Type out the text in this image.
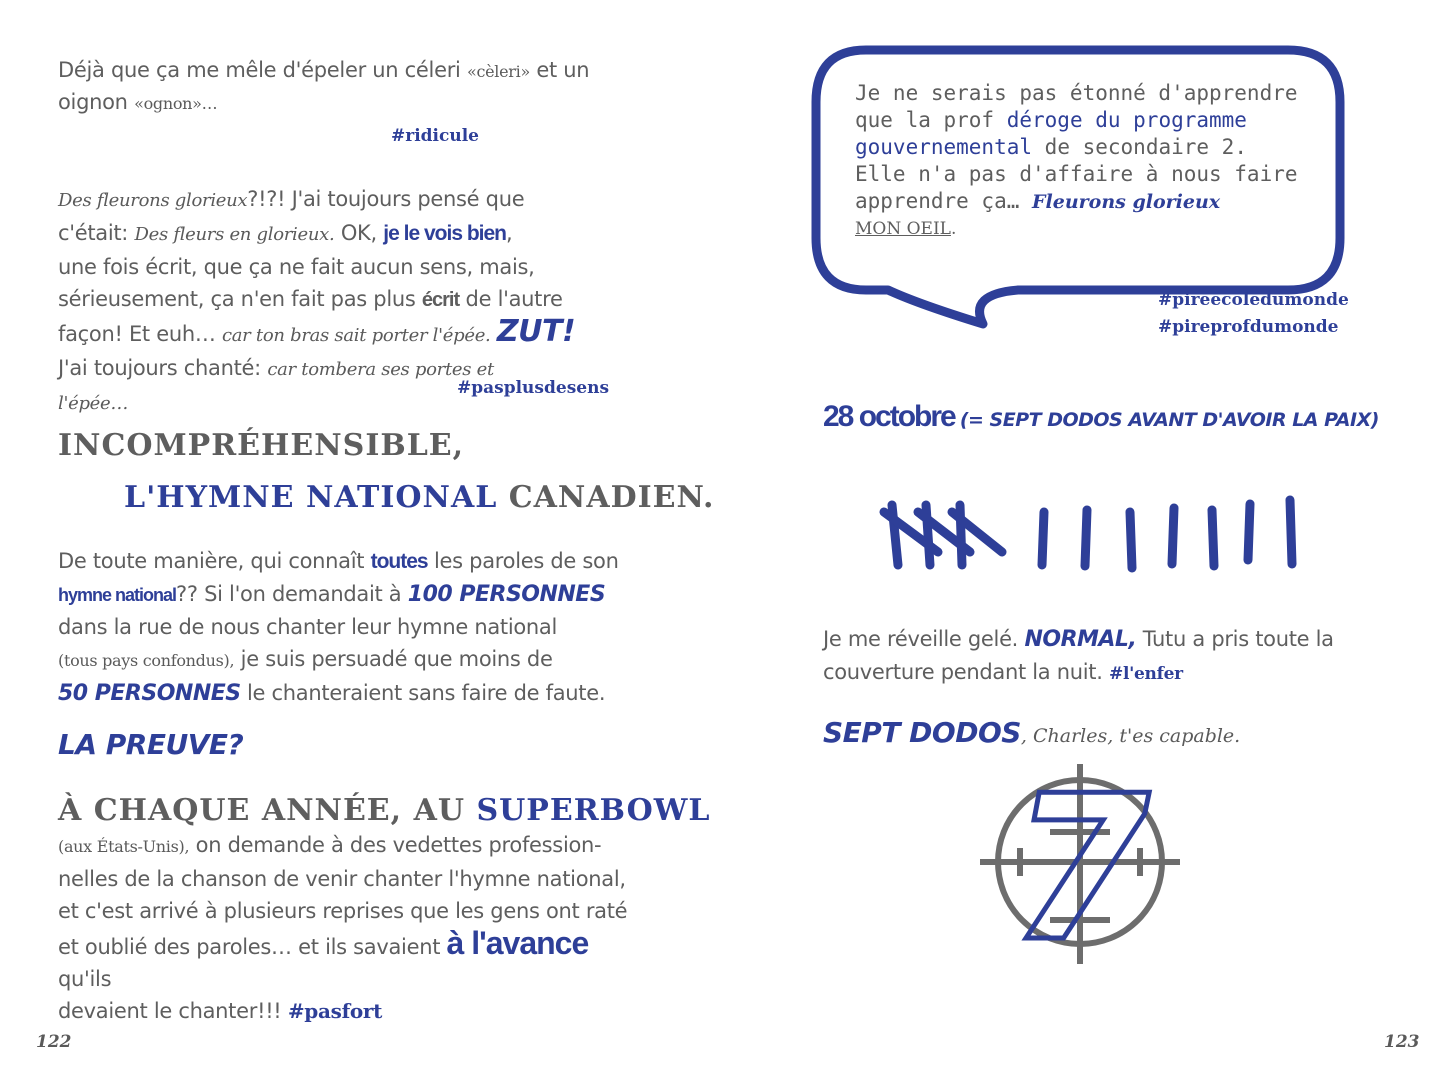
Déjà que ça me mêle d'épeler un céleri «cèleri» et un
oignon «ognon»…
#ridicule
Des fleurons glorieux?!?! J'ai toujours pensé que
c'était: Des fleurs en glorieux. OK, je le vois bien,
une fois écrit, que ça ne fait aucun sens, mais,
sérieusement, ça n'en fait pas plus écrit de l'autre
façon! Et euh… car ton bras sait porter l'épée. ZUT!
J'ai toujours chanté: car tombera ses portes et
l'épée…
#pasplusdesens
INCOMPRÉHENSIBLE,
L'HYMNE NATIONAL CANADIEN.
De toute manière, qui connaît toutes les paroles de son
hymne national?? Si l'on demandait à 100 PERSONNES
dans la rue de nous chanter leur hymne national
(tous pays confondus), je suis persuadé que moins de
50 PERSONNES le chanteraient sans faire de faute.
LA PREUVE?
À CHAQUE ANNÉE, AU SUPERBOWL
(aux États-Unis), on demande à des vedettes profession-
nelles de la chanson de venir chanter l'hymne national,
et c'est arrivé à plusieurs reprises que les gens ont raté
et oublié des paroles… et ils savaient à l'avance qu'ils
devaient le chanter!!! #pasfort
122
Je ne serais pas étonné d'apprendre
que la prof déroge du programme
gouvernemental de secondaire 2.
Elle n'a pas d'affaire à nous faire
apprendre ça… Fleurons glorieux
MON OEIL.
#pireécoledumonde
#pireprofdumonde
28 octobre (= SEPT DODOS AVANT D'AVOIR LA PAIX)
Je me réveille gelé. NORMAL, Tutu a pris toute la
couverture pendant la nuit. #l'enfer
SEPT DODOS, Charles, t'es capable.
7
123
